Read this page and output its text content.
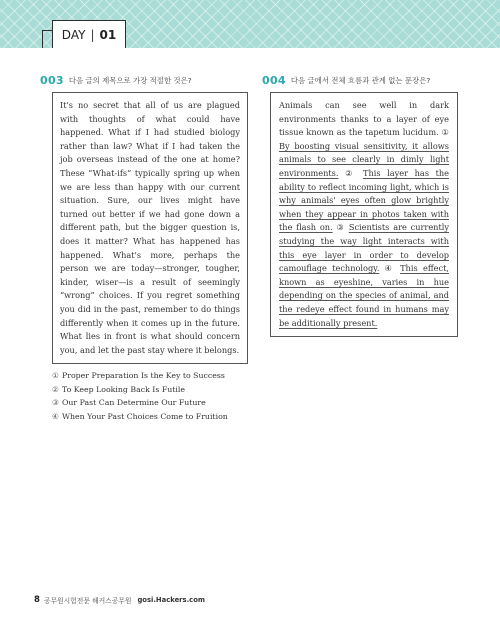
DAY | 01
003 다음 글의 제목으로 가장 적절한 것은?
It's no secret that all of us are plagued with thoughts of what could have happened. What if I had studied biology rather than law? What if I had taken the job overseas instead of the one at home? These “What-ifs” typically spring up when we are less than happy with our current situation. Sure, our lives might have turned out better if we had gone down a different path, but the bigger question is, does it matter? What has happened has happened. What's more, perhaps the person we are today—stronger, tougher, kinder, wiser—is a result of seemingly “wrong” choices. If you regret something you did in the past, remember to do things differently when it comes up in the future. What lies in front is what should concern you, and let the past stay where it belongs.
① Proper Preparation Is the Key to Success
② To Keep Looking Back Is Futile
③ Our Past Can Determine Our Future
④ When Your Past Choices Come to Fruition
004 다음 글에서 전체 흐름과 관계 없는 문장은?
Animals can see well in dark environments thanks to a layer of eye tissue known as the tapetum lucidum. ① By boosting visual sensitivity, it allows animals to see clearly in dimly light environments. ② This layer has the ability to reflect incoming light, which is why animals' eyes often glow brightly when they appear in photos taken with the flash on. ③ Scientists are currently studying the way light interacts with this eye layer in order to develop camouflage technology. ④ This effect, known as eyeshine, varies in hue depending on the species of animal, and the redeye effect found in humans may be additionally present.
8 공무원시험전문 해커스공무원 gosi.Hackers.com
